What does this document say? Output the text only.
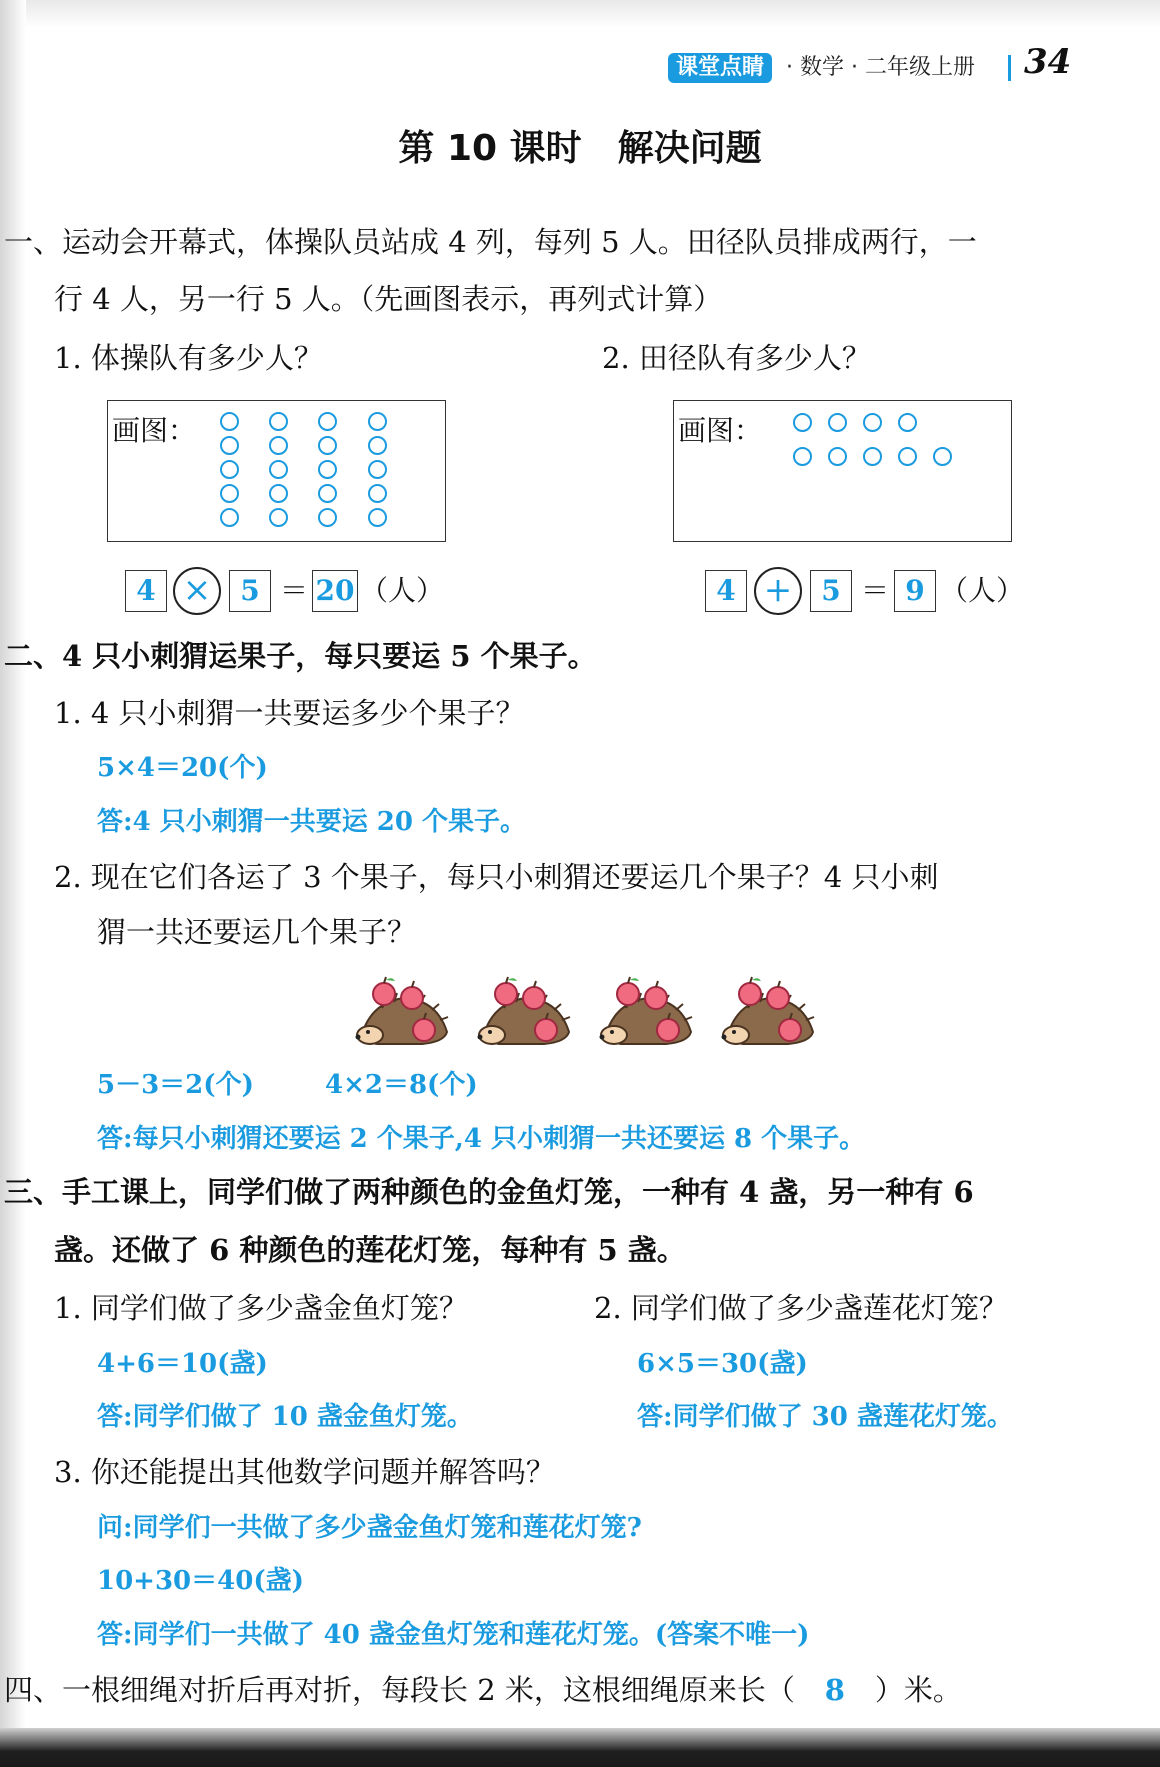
课堂点睛 · 数学 · 二年级上册 34
第 10 课时　解决问题
一、运动会开幕式，体操队员站成 4 列，每列 5 人。田径队员排成两行，一
行 4 人，另一行 5 人。（先画图表示，再列式计算）
1. 体操队有多少人？	2. 田径队有多少人？
画图：	画图：
4 ×	5 ＝ 20 （人）	4 +	5 ＝ 9 （人）
二、4 只小刺猬运果子，每只要运 5 个果子。
1. 4 只小刺猬一共要运多少个果子？
5×4＝20(个)
答:4 只小刺猬一共要运 20 个果子。
2. 现在它们各运了 3 个果子，每只小刺猬还要运几个果子？4 只小刺
猬一共还要运几个果子？
5－3＝2(个)	4×2＝8(个)
答:每只小刺猬还要运 2 个果子,4 只小刺猬一共还要运 8 个果子。
三、手工课上，同学们做了两种颜色的金鱼灯笼，一种有 4 盏，另一种有 6
盏。还做了 6 种颜色的莲花灯笼，每种有 5 盏。
1. 同学们做了多少盏金鱼灯笼？	2. 同学们做了多少盏莲花灯笼？
4+6＝10(盏)	6×5＝30(盏)
答:同学们做了 10 盏金鱼灯笼。	答:同学们做了 30 盏莲花灯笼。
3. 你还能提出其他数学问题并解答吗？
问:同学们一共做了多少盏金鱼灯笼和莲花灯笼?
10+30＝40(盏)
答:同学们一共做了 40 盏金鱼灯笼和莲花灯笼。(答案不唯一)
四、一根细绳对折后再对折，每段长 2 米，这根细绳原来长（ 8 ）米。
